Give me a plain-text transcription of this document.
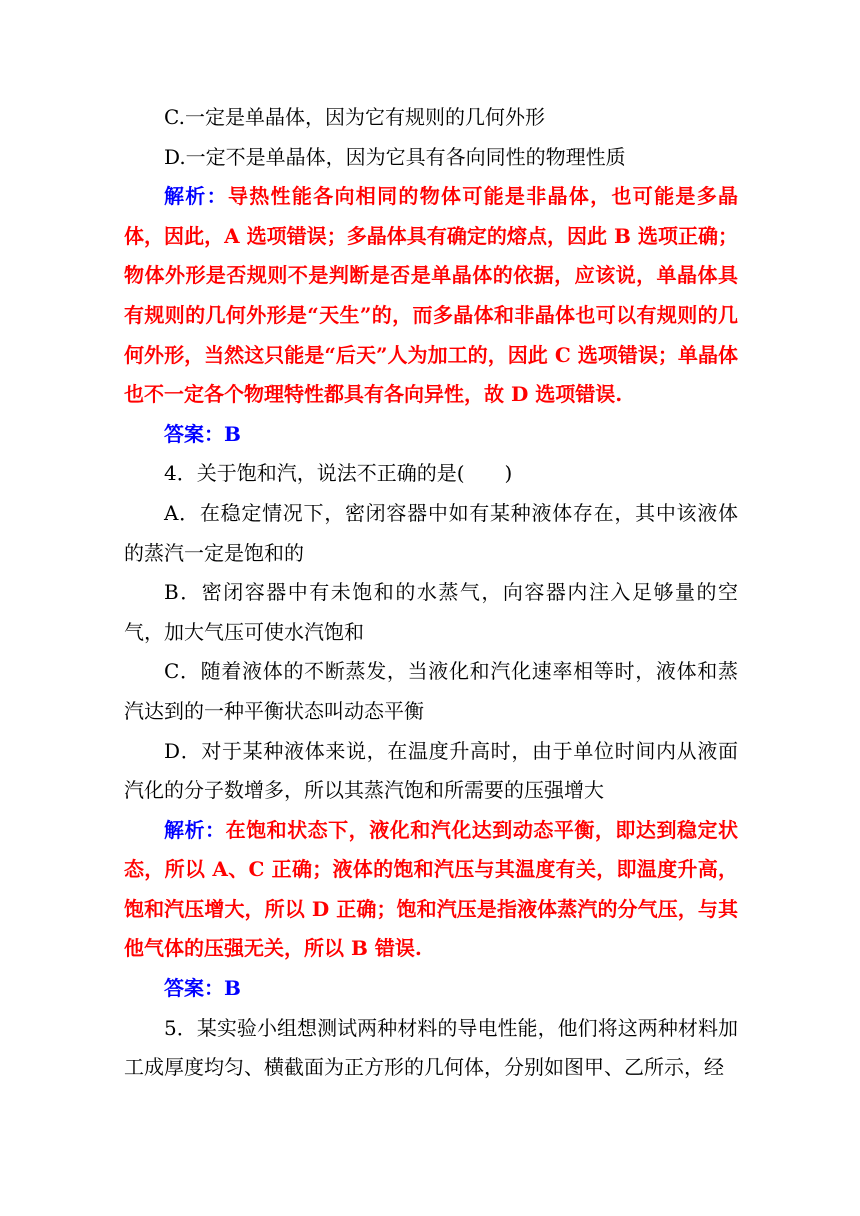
C.一定是单晶体，因为它有规则的几何外形

D.一定不是单晶体，因为它具有各向同性的物理性质

解析：导热性能各向相同的物体可能是非晶体，也可能是多晶体，因此，A 选项错误；多晶体具有确定的熔点，因此 B 选项正确；物体外形是否规则不是判断是否是单晶体的依据，应该说，单晶体具有规则的几何外形是“天生”的，而多晶体和非晶体也可以有规则的几何外形，当然这只能是“后天”人为加工的，因此 C 选项错误；单晶体也不一定各个物理特性都具有各向异性，故 D 选项错误.

答案：B

4．关于饱和汽，说法不正确的是(　　)

A．在稳定情况下，密闭容器中如有某种液体存在，其中该液体的蒸汽一定是饱和的

B．密闭容器中有未饱和的水蒸气，向容器内注入足够量的空气，加大气压可使水汽饱和

C．随着液体的不断蒸发，当液化和汽化速率相等时，液体和蒸汽达到的一种平衡状态叫动态平衡

D．对于某种液体来说，在温度升高时，由于单位时间内从液面汽化的分子数增多，所以其蒸汽饱和所需要的压强增大

解析：在饱和状态下，液化和汽化达到动态平衡，即达到稳定状态，所以 A、C 正确；液体的饱和汽压与其温度有关，即温度升高，饱和汽压增大，所以 D 正确；饱和汽压是指液体蒸汽的分气压，与其他气体的压强无关，所以 B 错误.

答案：B

5．某实验小组想测试两种材料的导电性能，他们将这两种材料加工成厚度均匀、横截面为正方形的几何体，分别如图甲、乙所示，经
